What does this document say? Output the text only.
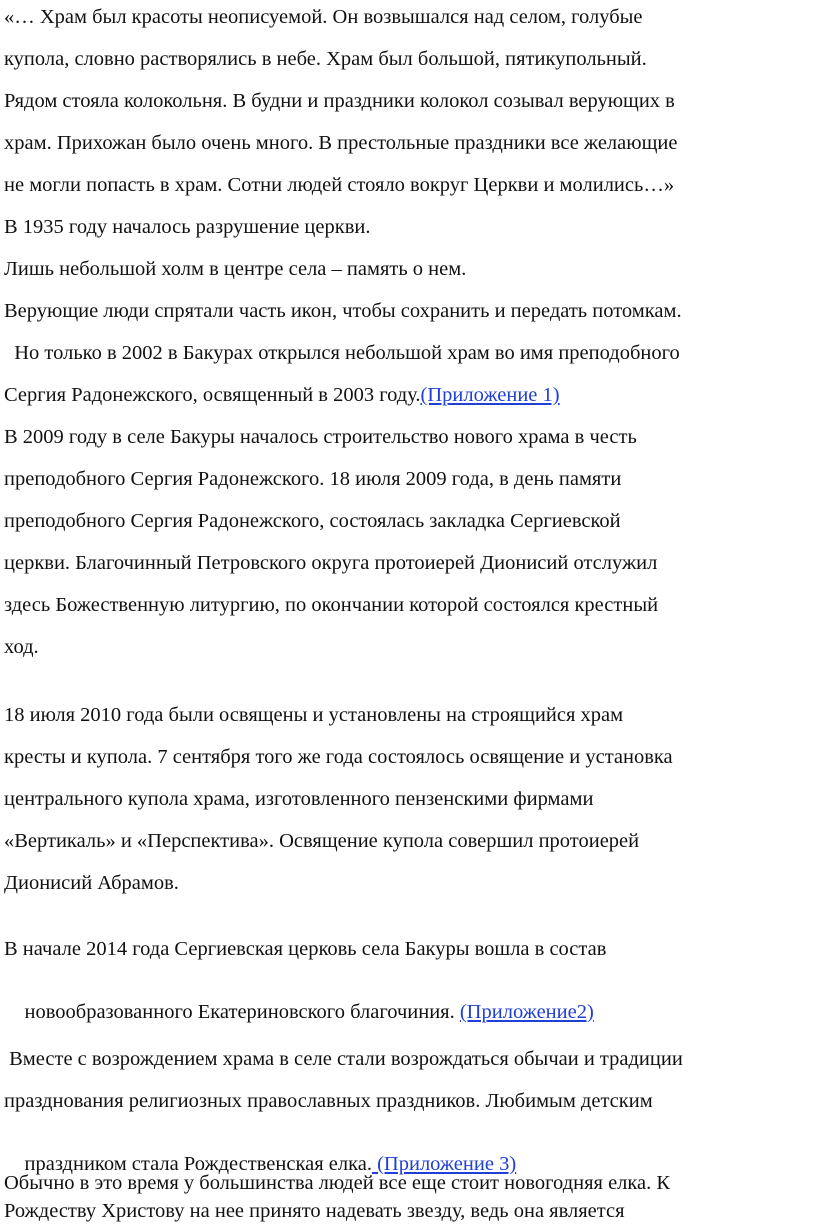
«… Храм был красоты неописуемой. Он возвышался над селом, голубые
купола, словно растворялись в небе. Храм был большой, пятикупольный.
Рядом стояла колокольня. В будни и праздники колокол созывал верующих в
храм. Прихожан было очень много. В престольные праздники все желающие
не могли попасть в храм. Сотни людей стояло вокруг Церкви и молились…»
В 1935 году началось разрушение церкви.
Лишь небольшой холм в центре села – память о нем.
Верующие люди спрятали часть икон, чтобы сохранить и передать потомкам.
Но только в 2002 в Бакурах открылся небольшой храм во имя преподобного
Сергия Радонежского, освященный в 2003 году.(Приложение 1)
В 2009 году в селе Бакуры началось строительство нового храма в честь
преподобного Сергия Радонежского. 18 июля 2009 года, в день памяти
преподобного Сергия Радонежского, состоялась закладка Сергиевской
церкви. Благочинный Петровского округа протоиерей Дионисий отслужил
здесь Божественную литургию, по окончании которой состоялся крестный
ход.
18 июля 2010 года были освящены и установлены на строящийся храм
кресты и купола. 7 сентября того же года состоялось освящение и установка
центрального купола храма, изготовленного пензенскими фирмами
«Вертикаль» и «Перспектива». Освящение купола совершил протоиерей
Дионисий Абрамов.
В начале 2014 года Сергиевская церковь села Бакуры вошла в состав

новообразованного Екатериновского благочиния. (Приложение2)

Вместе с возрождением храма в селе стали возрождаться обычаи и традиции
празднования религиозных православных праздников. Любимым детским

праздником стала Рождественская елка. (Приложение 3)

Обычно в это время у большинства людей все еще стоит новогодняя елка. К
Рождеству Христову на нее принято надевать звезду, ведь она является
